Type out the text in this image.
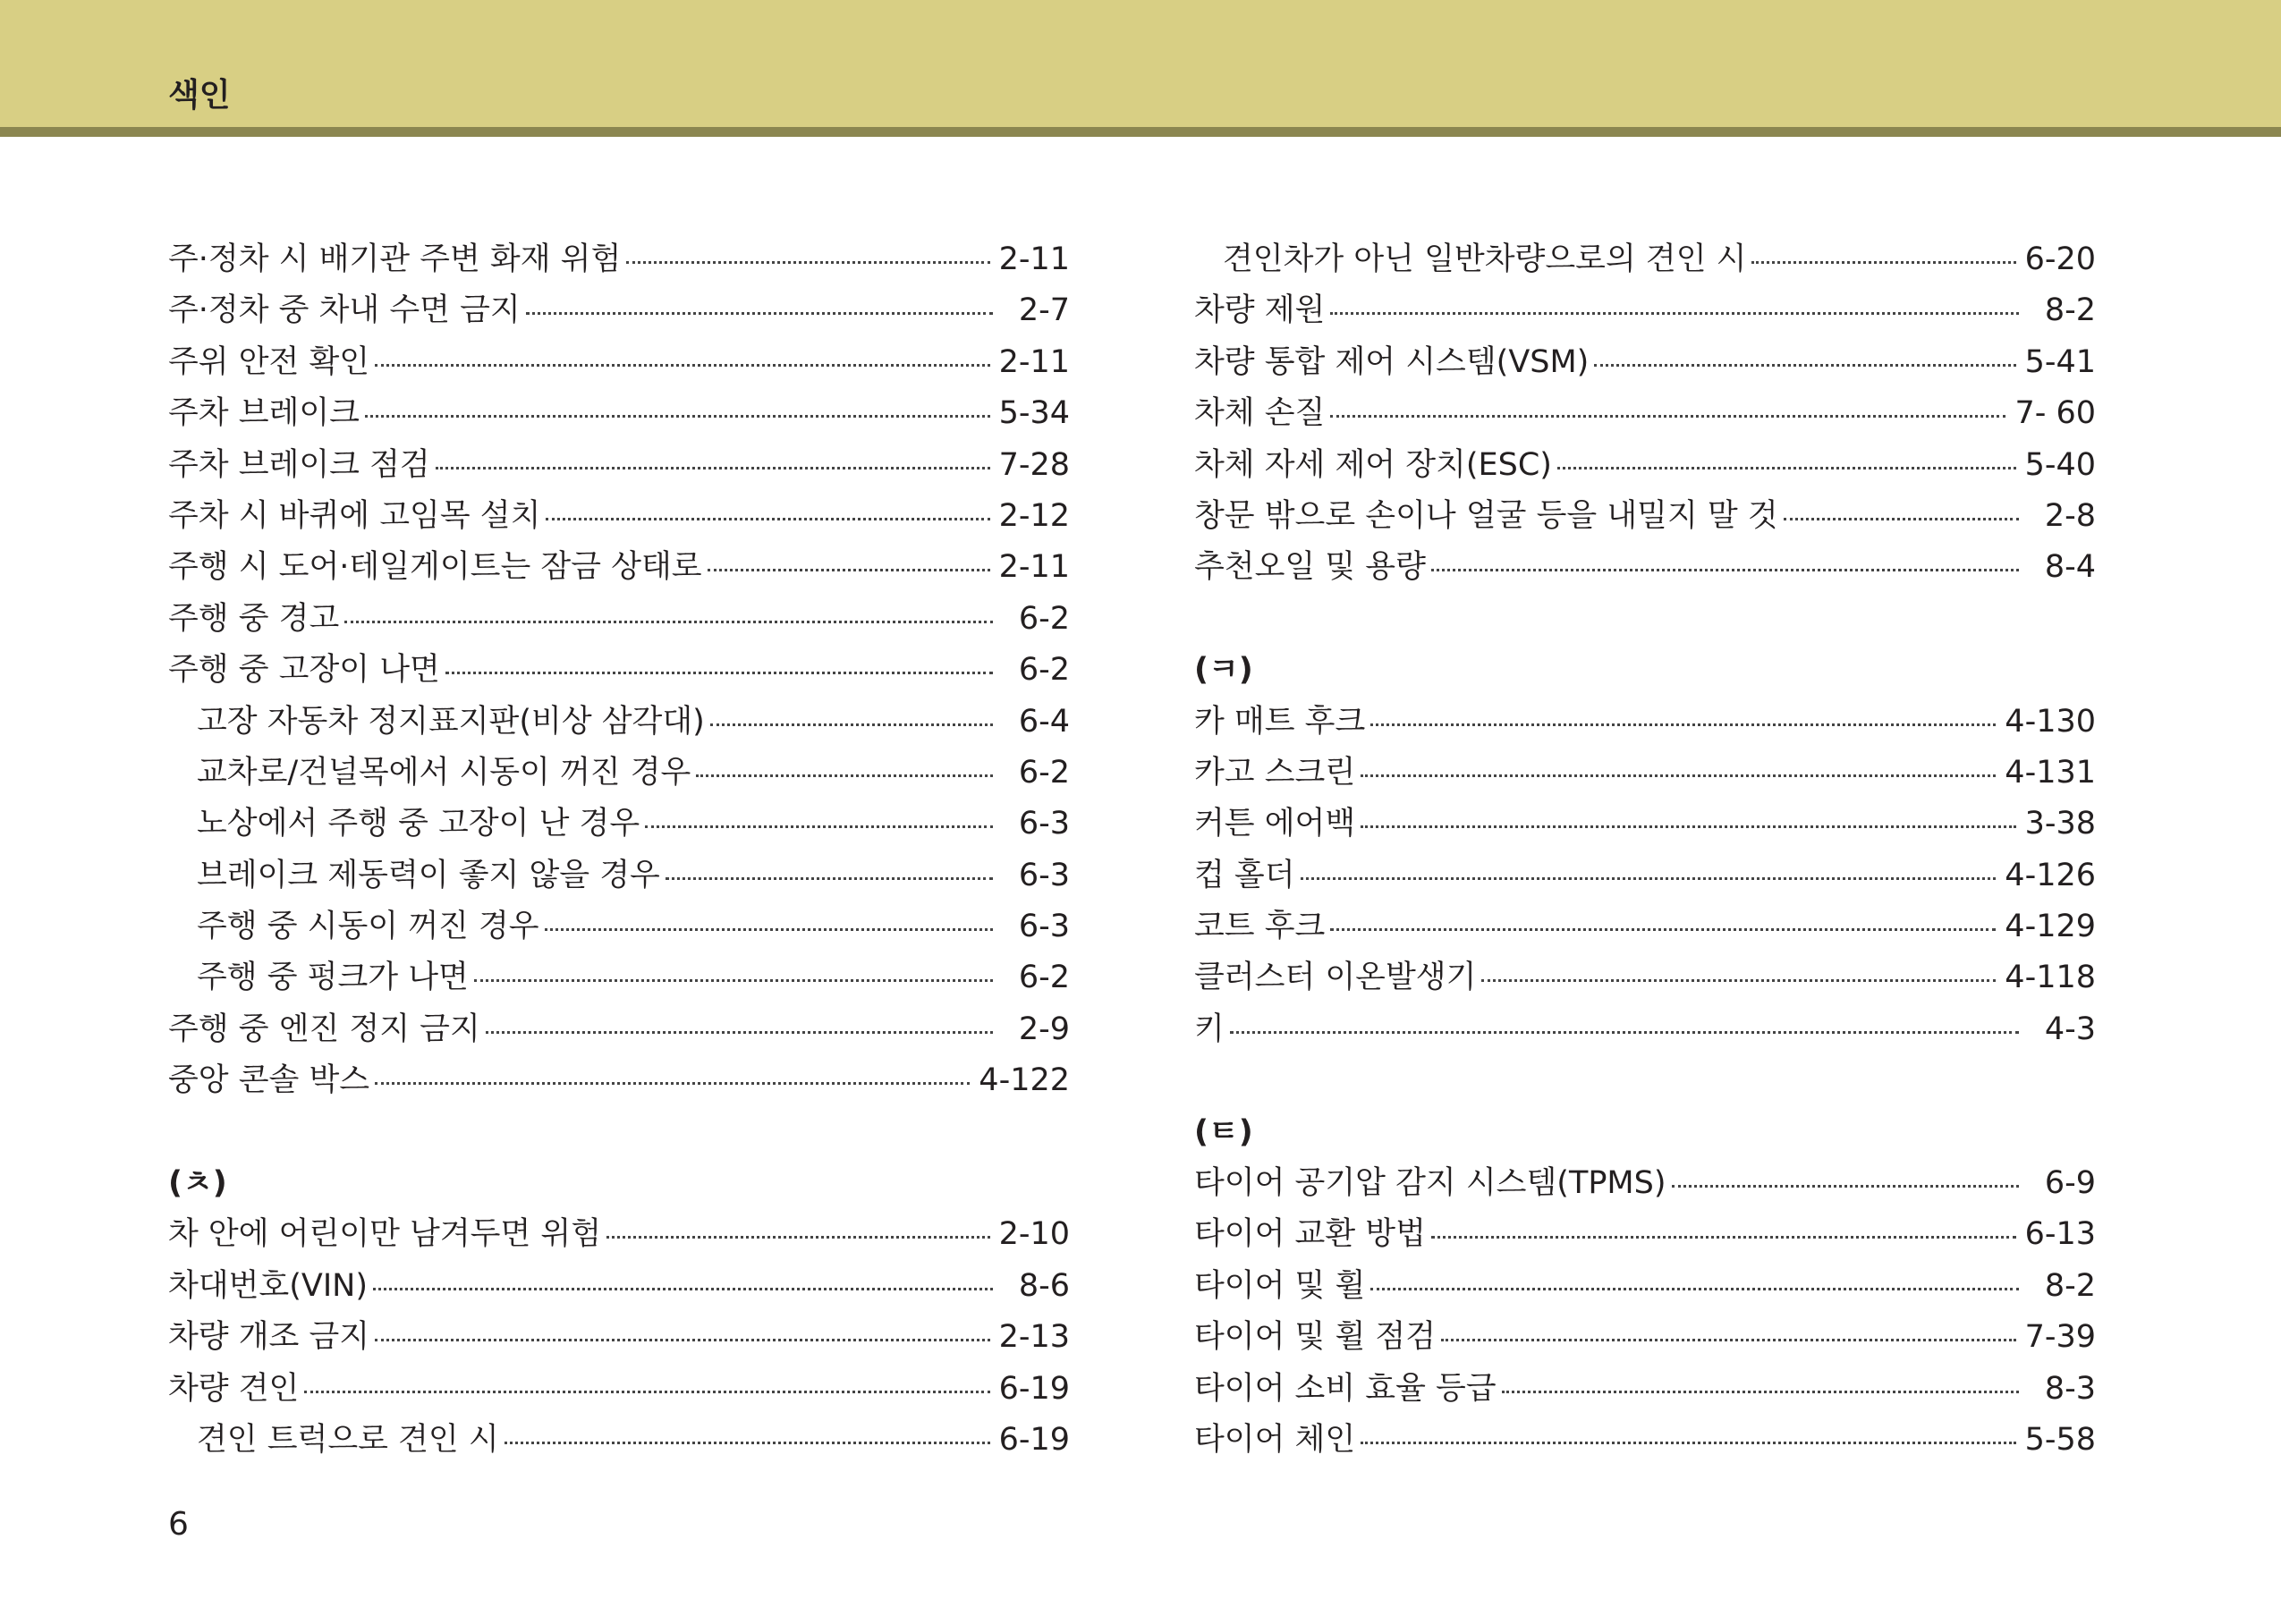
색인
주·정차 시 배기관 주변 화재 위험	2-11
주·정차 중 차내 수면 금지	2-7
주위 안전 확인	2-11
주차 브레이크	5-34
주차 브레이크 점검	7-28
주차 시 바퀴에 고임목 설치	2-12
주행 시 도어·테일게이트는 잠금 상태로	2-11
주행 중 경고	6-2
주행 중 고장이 나면	6-2
고장 자동차 정지표지판(비상 삼각대)	6-4
교차로/건널목에서 시동이 꺼진 경우	6-2
노상에서 주행 중 고장이 난 경우	6-3
브레이크 제동력이 좋지 않을 경우	6-3
주행 중 시동이 꺼진 경우	6-3
주행 중 펑크가 나면	6-2
주행 중 엔진 정지 금지	2-9
중앙 콘솔 박스	4-122
(ㅊ)
차 안에 어린이만 남겨두면 위험	2-10
차대번호(VIN)	8-6
차량 개조 금지	2-13
차량 견인	6-19
견인 트럭으로 견인 시	6-19
견인차가 아닌 일반차량으로의 견인 시	6-20
차량 제원	8-2
차량 통합 제어 시스템(VSM)	5-41
차체 손질	7- 60
차체 자세 제어 장치(ESC)	5-40
창문 밖으로 손이나 얼굴 등을 내밀지 말 것	2-8
추천오일 및 용량	8-4
(ㅋ)
카 매트 후크	4-130
카고 스크린	4-131
커튼 에어백	3-38
컵 홀더	4-126
코트 후크	4-129
클러스터 이온발생기	4-118
키	4-3
(ㅌ)
타이어 공기압 감지 시스템(TPMS)	6-9
타이어 교환 방법	6-13
타이어 및 휠	8-2
타이어 및 휠 점검	7-39
타이어 소비 효율 등급	8-3
타이어 체인	5-58
6
